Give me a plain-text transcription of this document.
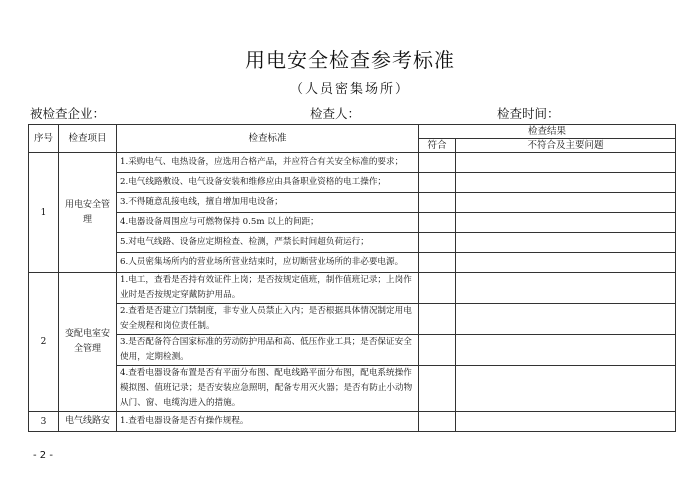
用电安全检查参考标准
（人员密集场所）
被检查企业：	检查人：	检查时间：
序号	检查项目	检查标准	检查结果	
			符合	不符合及主要问题
1	用电安全管理	1.采购电气、电热设备，应选用合格产品，并应符合有关安全标准的要求；		
		2.电气线路敷设、电气设备安装和维修应由具备职业资格的电工操作；		
		3.不得随意乱接电线，擅自增加用电设备；		
		4.电器设备周围应与可燃物保持 0.5m 以上的间距；		
		5.对电气线路、设备应定期检查、检测，严禁长时间超负荷运行；		
		6.人员密集场所内的营业场所营业结束时，应切断营业场所的非必要电源。		
2	变配电室安全管理	1.电工，查看是否持有效证件上岗；是否按规定值班，制作值班记录；上岗作业时是否按规定穿戴防护用品。		
		2.查看是否建立门禁制度，非专业人员禁止入内；是否根据具体情况制定用电安全规程和岗位责任制。		
		3.是否配备符合国家标准的劳动防护用品和高、低压作业工具；是否保证安全使用，定期检测。		
		4.查看电器设备布置是否有平面分布图、配电线路平面分布图，配电系统操作模拟图、值班记录；是否安装应急照明，配备专用灭火器；是否有防止小动物从门、窗、电缆沟进入的措施。		
3	电气线路安	1.查看电器设备是否有操作规程。		
- 2 -
